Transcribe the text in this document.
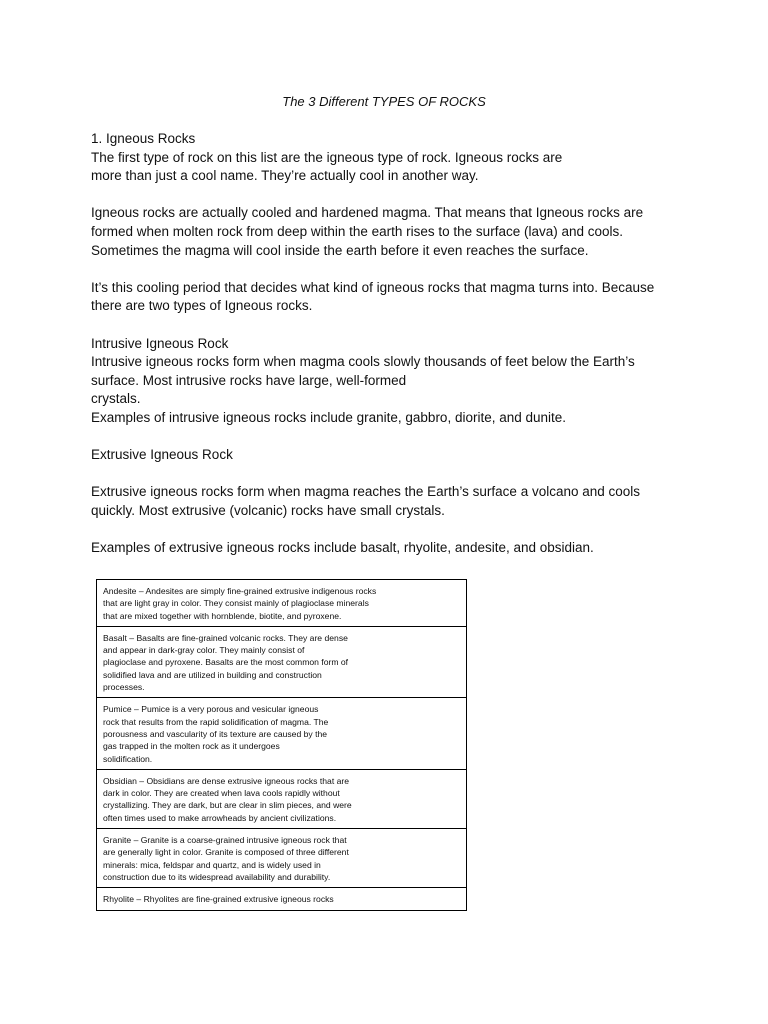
The 3 Different TYPES OF ROCKS

1. Igneous Rocks
The first type of rock on this list are the igneous type of rock. Igneous rocks are
more than just a cool name. They’re actually cool in another way.

Igneous rocks are actually cooled and hardened magma. That means that Igneous rocks are
formed when molten rock from deep within the earth rises to the surface (lava) and cools.
Sometimes the magma will cool inside the earth before it even reaches the surface.

It’s this cooling period that decides what kind of igneous rocks that magma turns into. Because
there are two types of Igneous rocks.

Intrusive Igneous Rock
Intrusive igneous rocks form when magma cools slowly thousands of feet below the Earth’s
surface. Most intrusive rocks have large, well-formed
crystals.
Examples of intrusive igneous rocks include granite, gabbro, diorite, and dunite.

Extrusive Igneous Rock

Extrusive igneous rocks form when magma reaches the Earth’s surface a volcano and cools
quickly. Most extrusive (volcanic) rocks have small crystals.

Examples of extrusive igneous rocks include basalt, rhyolite, andesite, and obsidian.

Andesite – Andesites are simply fine-grained extrusive indigenous rocks
that are light gray in color. They consist mainly of plagioclase minerals
that are mixed together with hornblende, biotite, and pyroxene.
Basalt – Basalts are fine-grained volcanic rocks. They are dense
and appear in dark-gray color. They mainly consist of
plagioclase and pyroxene. Basalts are the most common form of
solidified lava and are utilized in building and construction
processes.
Pumice – Pumice is a very porous and vesicular igneous
rock that results from the rapid solidification of magma. The
porousness and vascularity of its texture are caused by the
gas trapped in the molten rock as it undergoes
solidification.
Obsidian – Obsidians are dense extrusive igneous rocks that are
dark in color. They are created when lava cools rapidly without
crystallizing. They are dark, but are clear in slim pieces, and were
often times used to make arrowheads by ancient civilizations.
Granite – Granite is a coarse-grained intrusive igneous rock that
are generally light in color. Granite is composed of three different
minerals: mica, feldspar and quartz, and is widely used in
construction due to its widespread availability and durability.
Rhyolite – Rhyolites are fine-grained extrusive igneous rocks
